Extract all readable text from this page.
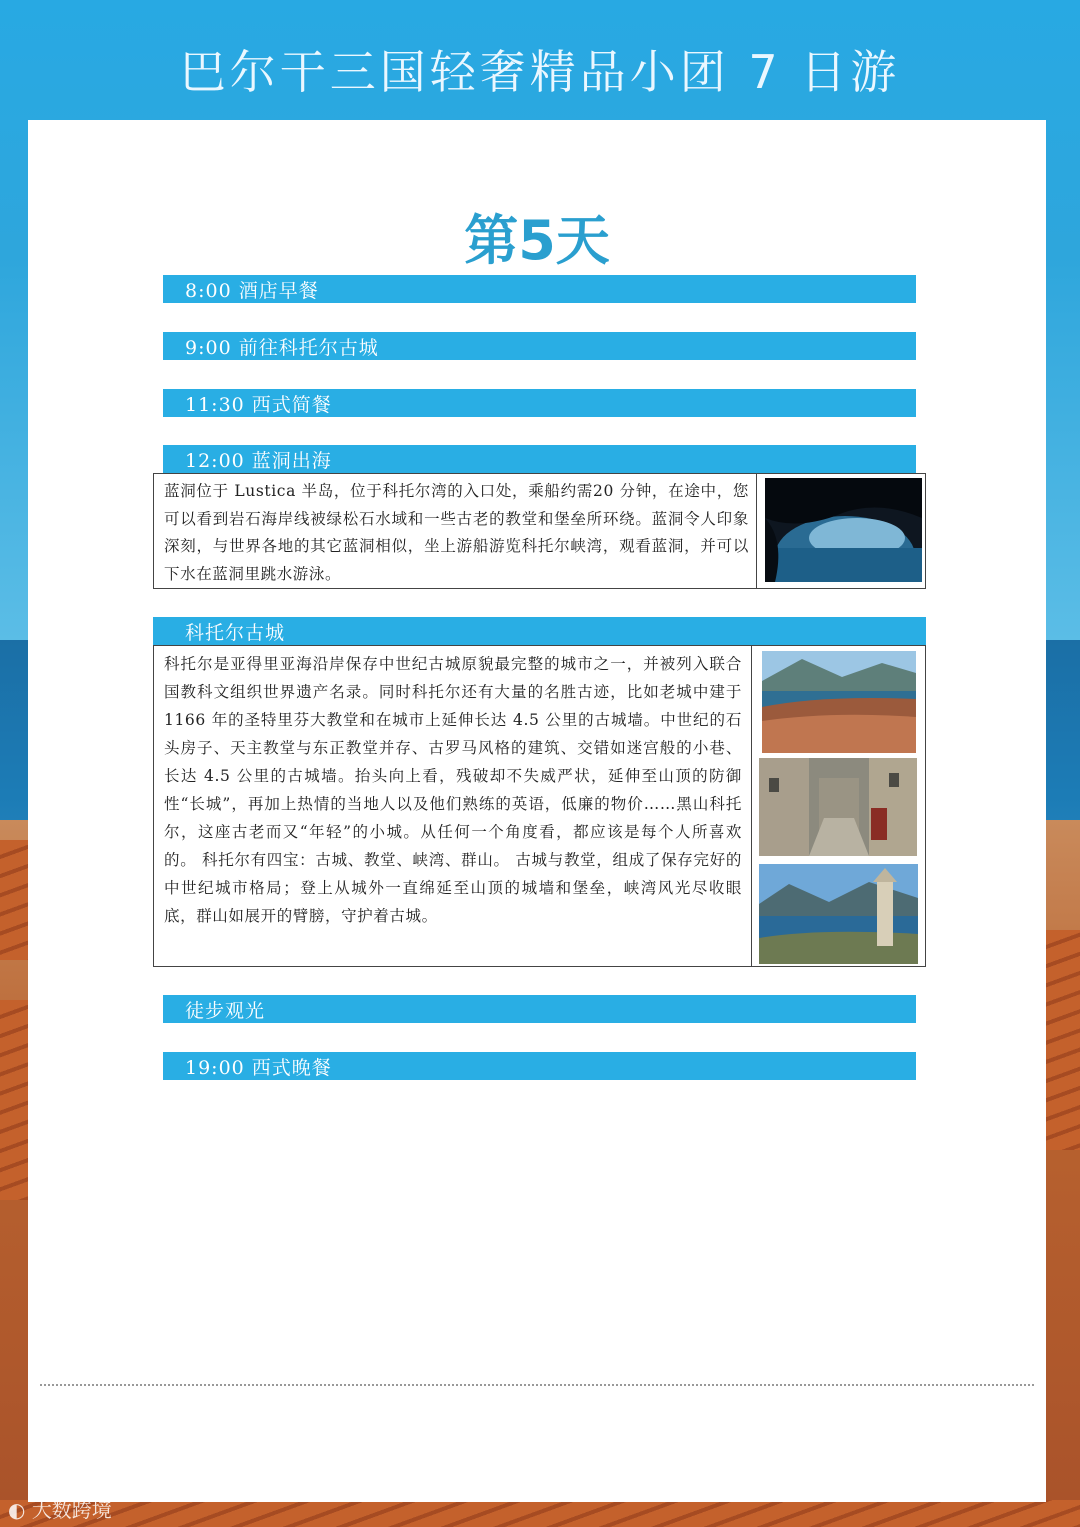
巴尔干三国轻奢精品小团 7 日游
第5天
8:00 酒店早餐
9:00 前往科托尔古城
11:30 西式简餐
12:00 蓝洞出海
蓝洞位于 Lustica 半岛，位于科托尔湾的入口处，乘船约需20 分钟，在途中，您可以看到岩石海岸线被绿松石水域和一些古老的教堂和堡垒所环绕。蓝洞令人印象深刻，与世界各地的其它蓝洞相似，坐上游船游览科托尔峡湾，观看蓝洞，并可以下水在蓝洞里跳水游泳。
科托尔古城
科托尔是亚得里亚海沿岸保存中世纪古城原貌最完整的城市之一，并被列入联合国教科文组织世界遗产名录。同时科托尔还有大量的名胜古迹，比如老城中建于 1166 年的圣特里芬大教堂和在城市上延伸长达 4.5 公里的古城墙。中世纪的石头房子、天主教堂与东正教堂并存、古罗马风格的建筑、交错如迷宫般的小巷、长达 4.5 公里的古城墙。抬头向上看，残破却不失威严状，延伸至山顶的防御性“长城”，再加上热情的当地人以及他们熟练的英语，低廉的物价……黑山科托尔，这座古老而又“年轻”的小城。从任何一个角度看，都应该是每个人所喜欢的。 科托尔有四宝：古城、教堂、峡湾、群山。 古城与教堂，组成了保存完好的中世纪城市格局；登上从城外一直绵延至山顶的城墙和堡垒，峡湾风光尽收眼底，群山如展开的臂膀，守护着古城。
徒步观光
19:00 西式晚餐
◐ 大数跨境
